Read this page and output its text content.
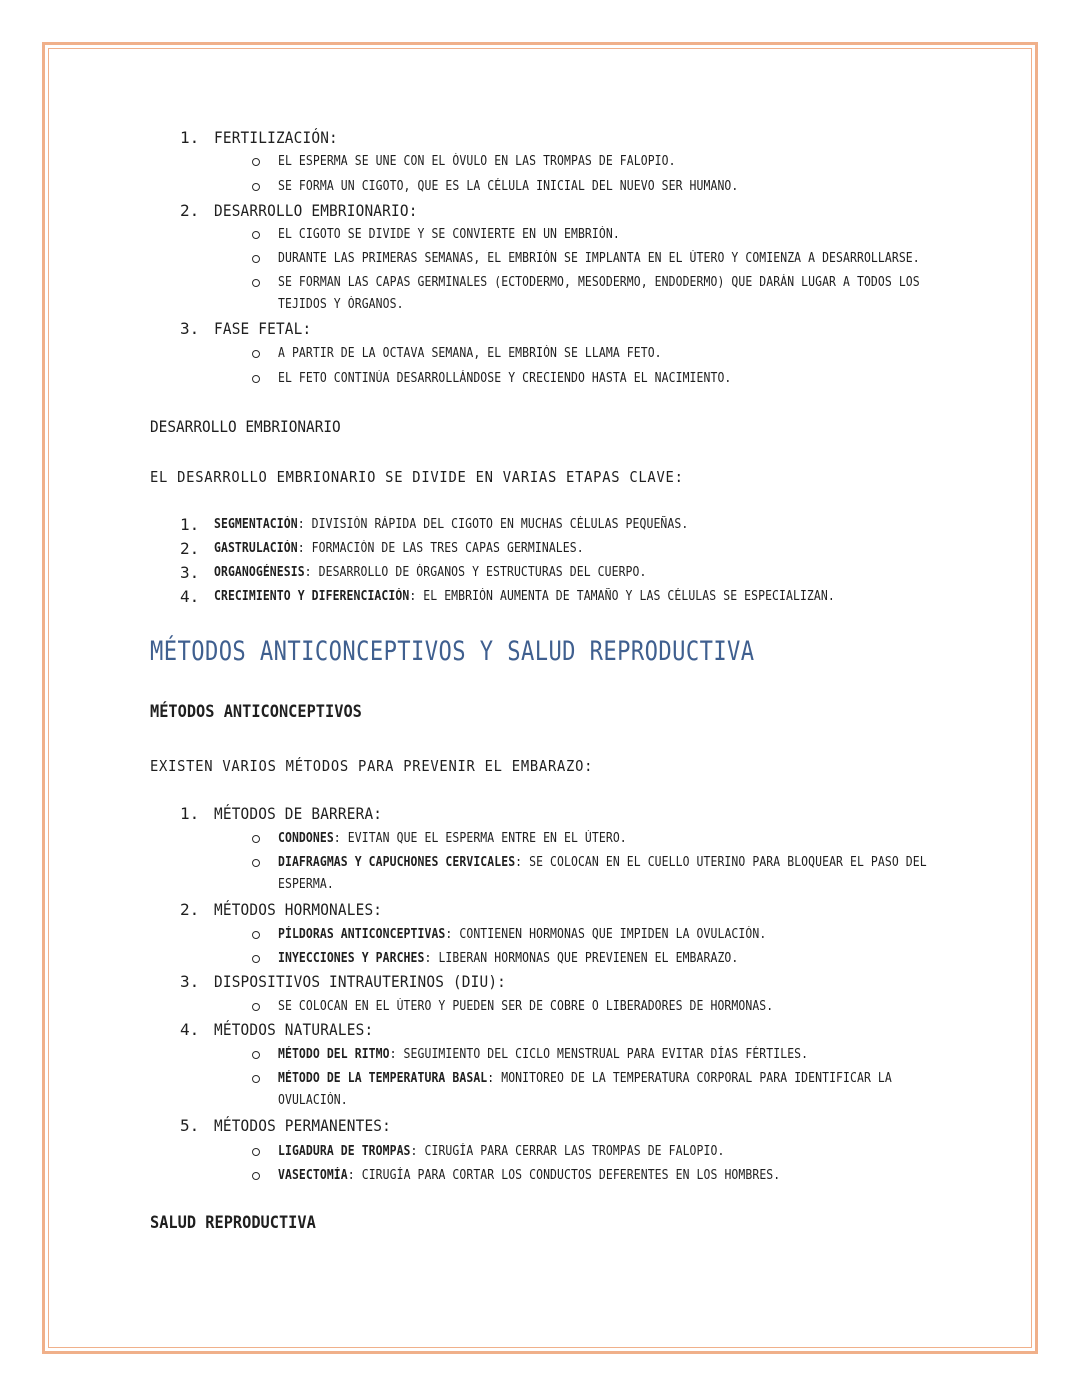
1. FERTILIZACIÓN:
EL ESPERMA SE UNE CON EL ÓVULO EN LAS TROMPAS DE FALOPIO.
SE FORMA UN CIGOTO, QUE ES LA CÉLULA INICIAL DEL NUEVO SER HUMANO.
2. DESARROLLO EMBRIONARIO:
EL CIGOTO SE DIVIDE Y SE CONVIERTE EN UN EMBRIÓN.
DURANTE LAS PRIMERAS SEMANAS, EL EMBRIÓN SE IMPLANTA EN EL ÚTERO Y COMIENZA A DESARROLLARSE.
SE FORMAN LAS CAPAS GERMINALES (ECTODERMO, MESODERMO, ENDODERMO) QUE DARÁN LUGAR A TODOS LOS
TEJIDOS Y ÓRGANOS.
3. FASE FETAL:
A PARTIR DE LA OCTAVA SEMANA, EL EMBRIÓN SE LLAMA FETO.
EL FETO CONTINÚA DESARROLLÁNDOSE Y CRECIENDO HASTA EL NACIMIENTO.
DESARROLLO EMBRIONARIO
EL DESARROLLO EMBRIONARIO SE DIVIDE EN VARIAS ETAPAS CLAVE:
1. SEGMENTACIÓN: DIVISIÓN RÁPIDA DEL CIGOTO EN MUCHAS CÉLULAS PEQUEÑAS.
2. GASTRULACIÓN: FORMACIÓN DE LAS TRES CAPAS GERMINALES.
3. ORGANOGÉNESIS: DESARROLLO DE ÓRGANOS Y ESTRUCTURAS DEL CUERPO.
4. CRECIMIENTO Y DIFERENCIACIÓN: EL EMBRIÓN AUMENTA DE TAMAÑO Y LAS CÉLULAS SE ESPECIALIZAN.
MÉTODOS ANTICONCEPTIVOS Y SALUD REPRODUCTIVA
MÉTODOS ANTICONCEPTIVOS
EXISTEN VARIOS MÉTODOS PARA PREVENIR EL EMBARAZO:
1. MÉTODOS DE BARRERA:
CONDONES: EVITAN QUE EL ESPERMA ENTRE EN EL ÚTERO.
DIAFRAGMAS Y CAPUCHONES CERVICALES: SE COLOCAN EN EL CUELLO UTERINO PARA BLOQUEAR EL PASO DEL
ESPERMA.
2. MÉTODOS HORMONALES:
PÍLDORAS ANTICONCEPTIVAS: CONTIENEN HORMONAS QUE IMPIDEN LA OVULACIÓN.
INYECCIONES Y PARCHES: LIBERAN HORMONAS QUE PREVIENEN EL EMBARAZO.
3. DISPOSITIVOS INTRAUTERINOS (DIU):
SE COLOCAN EN EL ÚTERO Y PUEDEN SER DE COBRE O LIBERADORES DE HORMONAS.
4. MÉTODOS NATURALES:
MÉTODO DEL RITMO: SEGUIMIENTO DEL CICLO MENSTRUAL PARA EVITAR DÍAS FÉRTILES.
MÉTODO DE LA TEMPERATURA BASAL: MONITOREO DE LA TEMPERATURA CORPORAL PARA IDENTIFICAR LA
OVULACIÓN.
5. MÉTODOS PERMANENTES:
LIGADURA DE TROMPAS: CIRUGÍA PARA CERRAR LAS TROMPAS DE FALOPIO.
VASECTOMÍA: CIRUGÍA PARA CORTAR LOS CONDUCTOS DEFERENTES EN LOS HOMBRES.
SALUD REPRODUCTIVA
